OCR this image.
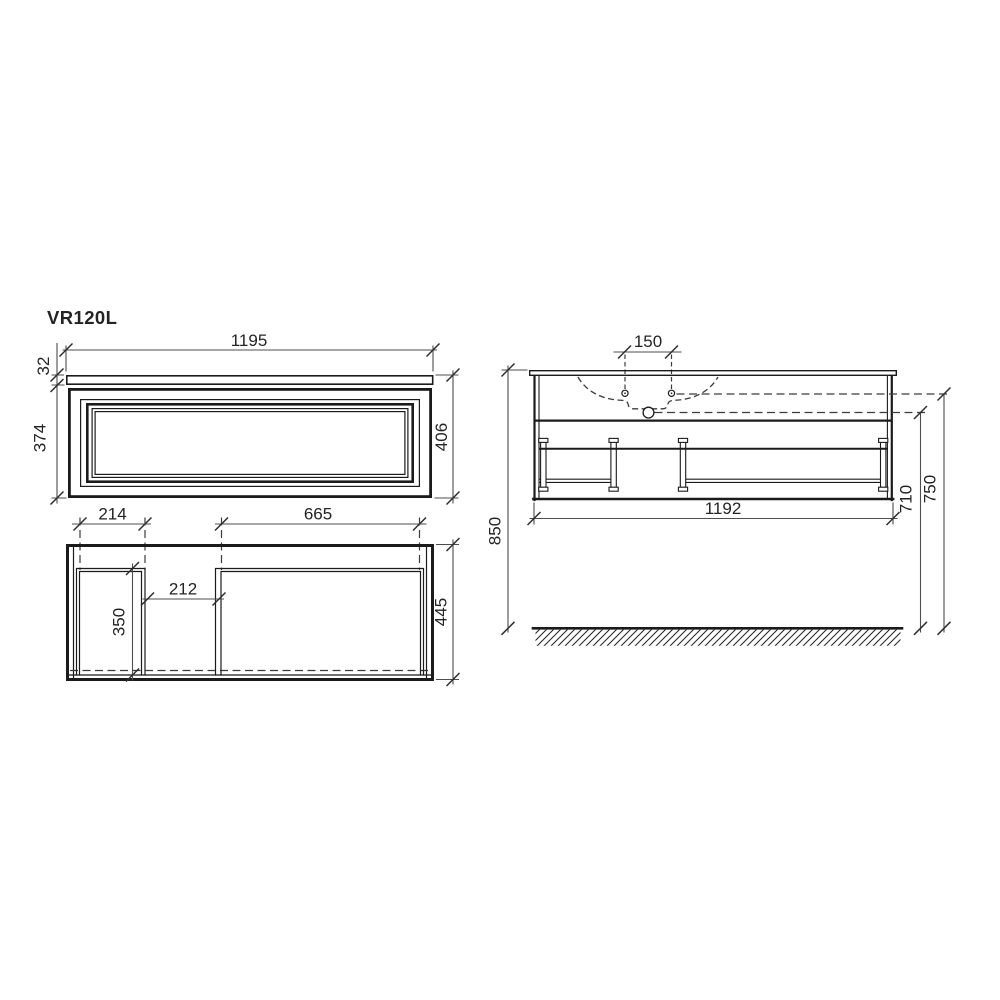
VR120L
1195
32
374	406
214	665
212
350	445
150
1192
850
710 750
